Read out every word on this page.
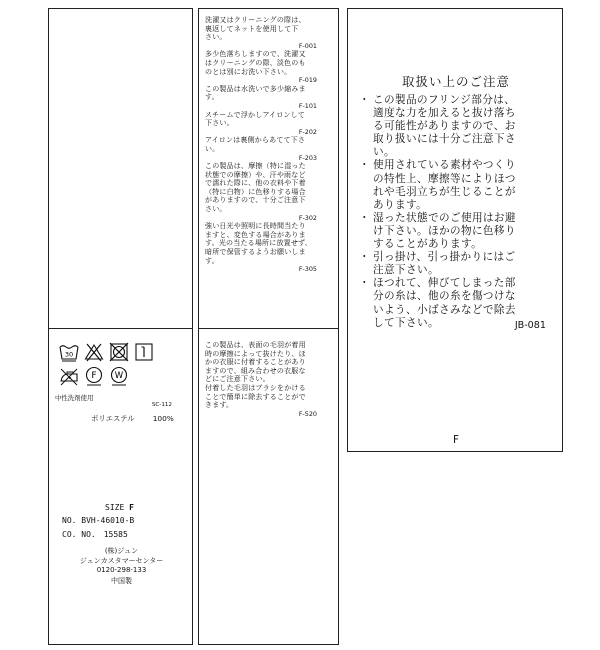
30
F W
中性洗剤使用
SC-112
ポリエステル 100%
SIZE F
NO. BVH-46010-B
CO. NO.　15585
(株)ジュン
ジュンカスタマーセンター
0120-298-133
中国製
洗濯又はクリーニングの際は、
裏返してネットを使用して下
さい。
F-001
多少色落ちしますので、洗濯又
はクリーニングの際、淡色のも
のとは別にお洗い下さい。
F-019
この製品は水洗いで多少縮みま
す。
F-101
スチームで浮かしアイロンして
下さい。
F-202
アイロンは裏側からあてて下さ
い。
F-203
この製品は、摩擦（特に湿った
状態での摩擦）や、汗や雨など
で濡れた際に、他の衣料や下着
（特に白物）に色移りする場合
がありますので、十分ご注意下
さい。
F-302
強い日光や照明に長時間当たり
ますと、変色する場合がありま
す。光の当たる場所に放置せず、
暗所で保管するようお願いしま
す。
F-305
この製品は、表面の毛羽が着用
時の摩擦によって抜けたり、ほ
かの衣服に付着することがあり
ますので、組み合わせの衣服な
どにご注意下さい。
付着した毛羽はブラシをかける
ことで簡単に除去することがで
きます。
F-520
取扱い上のご注意
・ この製品のフリンジ部分は、
適度な力を加えると抜け落ち
る可能性がありますので、お
取り扱いには十分ご注意下さ
い。
・ 使用されている素材やつくり
の特性上、摩擦等によりほつ
れや毛羽立ちが生じることが
あります。
・ 湿った状態でのご使用はお避
け下さい。ほかの物に色移り
することがあります。
・ 引っ掛け、引っ掛かりにはご
注意下さい。
・ ほつれて、伸びてしまった部
分の糸は、他の糸を傷つけな
いよう、小ばさみなどで除去
して下さい。	JB-081
F
